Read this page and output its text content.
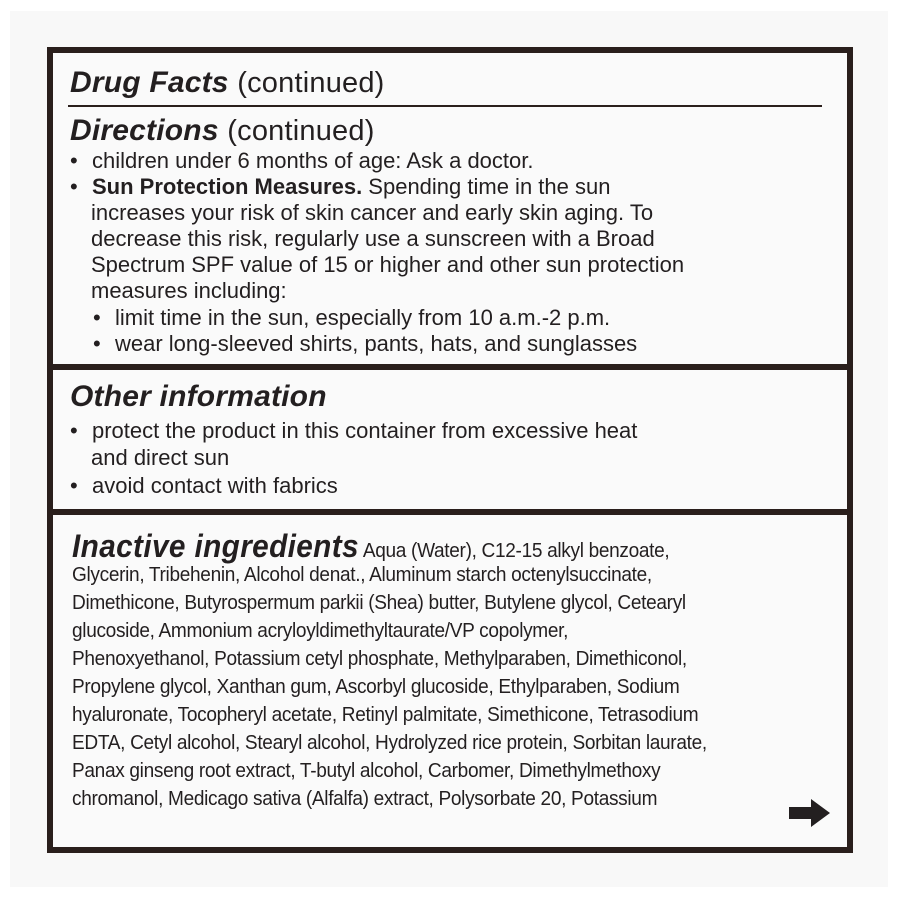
Drug Facts (continued)
Directions (continued)
• children under 6 months of age: Ask a doctor.
• Sun Protection Measures. Spending time in the sun
increases your risk of skin cancer and early skin aging. To
decrease this risk, regularly use a sunscreen with a Broad
Spectrum SPF value of 15 or higher and other sun protection
measures including:
• limit time in the sun, especially from 10 a.m.-2 p.m.
• wear long-sleeved shirts, pants, hats, and sunglasses
Other information
• protect the product in this container from excessive heat
and direct sun
• avoid contact with fabrics
Inactive ingredients Aqua (Water), C12-15 alkyl benzoate,
Glycerin, Tribehenin, Alcohol denat., Aluminum starch octenylsuccinate,
Dimethicone, Butyrospermum parkii (Shea) butter, Butylene glycol, Cetearyl
glucoside, Ammonium acryloyldimethyltaurate/VP copolymer,
Phenoxyethanol, Potassium cetyl phosphate, Methylparaben, Dimethiconol,
Propylene glycol, Xanthan gum, Ascorbyl glucoside, Ethylparaben, Sodium
hyaluronate, Tocopheryl acetate, Retinyl palmitate, Simethicone, Tetrasodium
EDTA, Cetyl alcohol, Stearyl alcohol, Hydrolyzed rice protein, Sorbitan laurate,
Panax ginseng root extract, T-butyl alcohol, Carbomer, Dimethylmethoxy
chromanol, Medicago sativa (Alfalfa) extract, Polysorbate 20, Potassium
